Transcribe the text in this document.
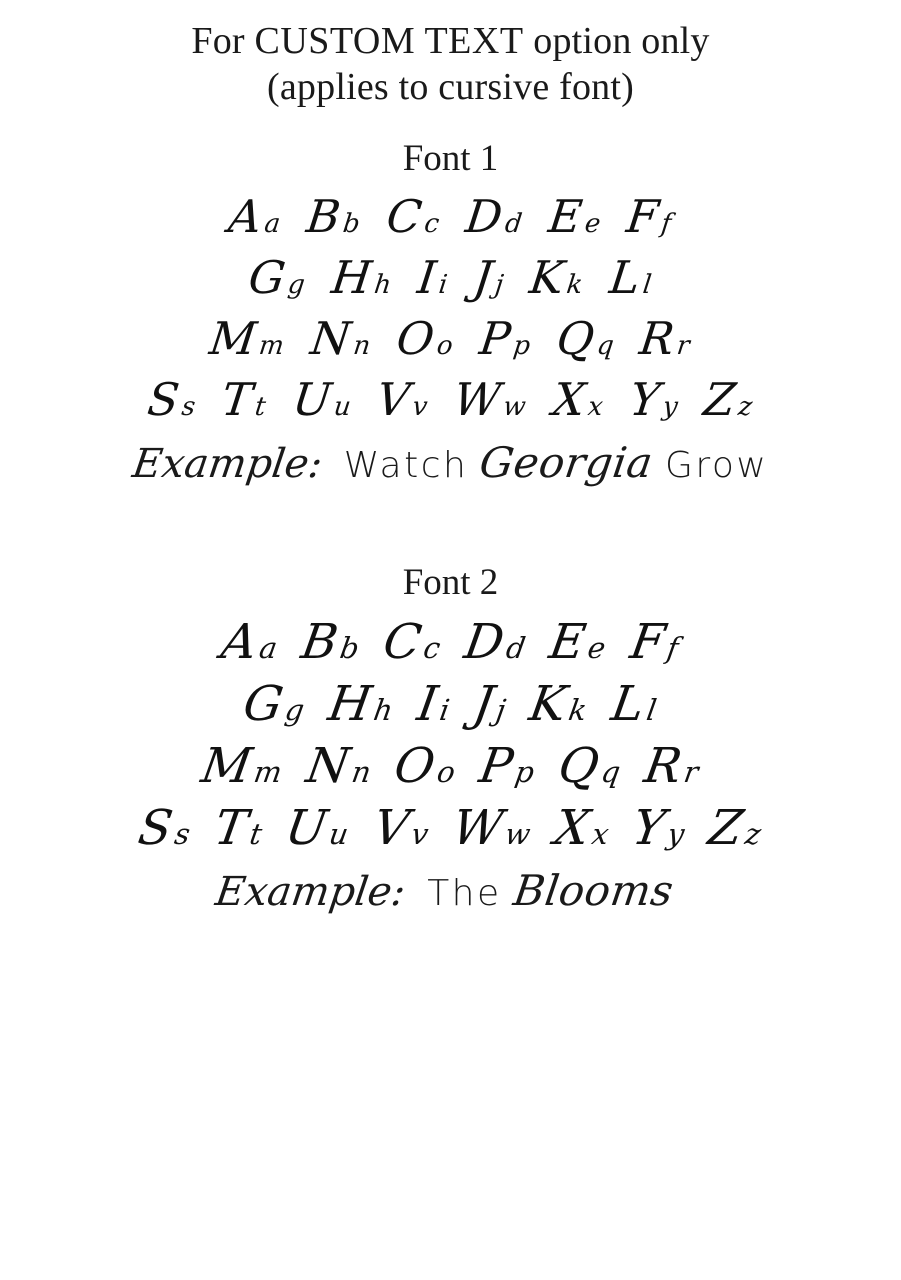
For CUSTOM TEXT option only
(applies to cursive font)
Font 1
A
a B
b C
c D
d E
e F
f
G
g H
h I
i J
j K
k L
l
M
m N
n O
o P
p Q
q R
r
S
s T
t U
u V
v W
w X
x Y
y Z
z
Example: Watch Georgia Grow
Font 2
A
a B
b C
c D
d E
e F
f
G
g H
h I
i J
j K
k L
l
M
m N
n O
o P
p Q
q R
r
S
s T
t U
u V
v W
w X
x Y
y Z
z
Example: The Blooms
